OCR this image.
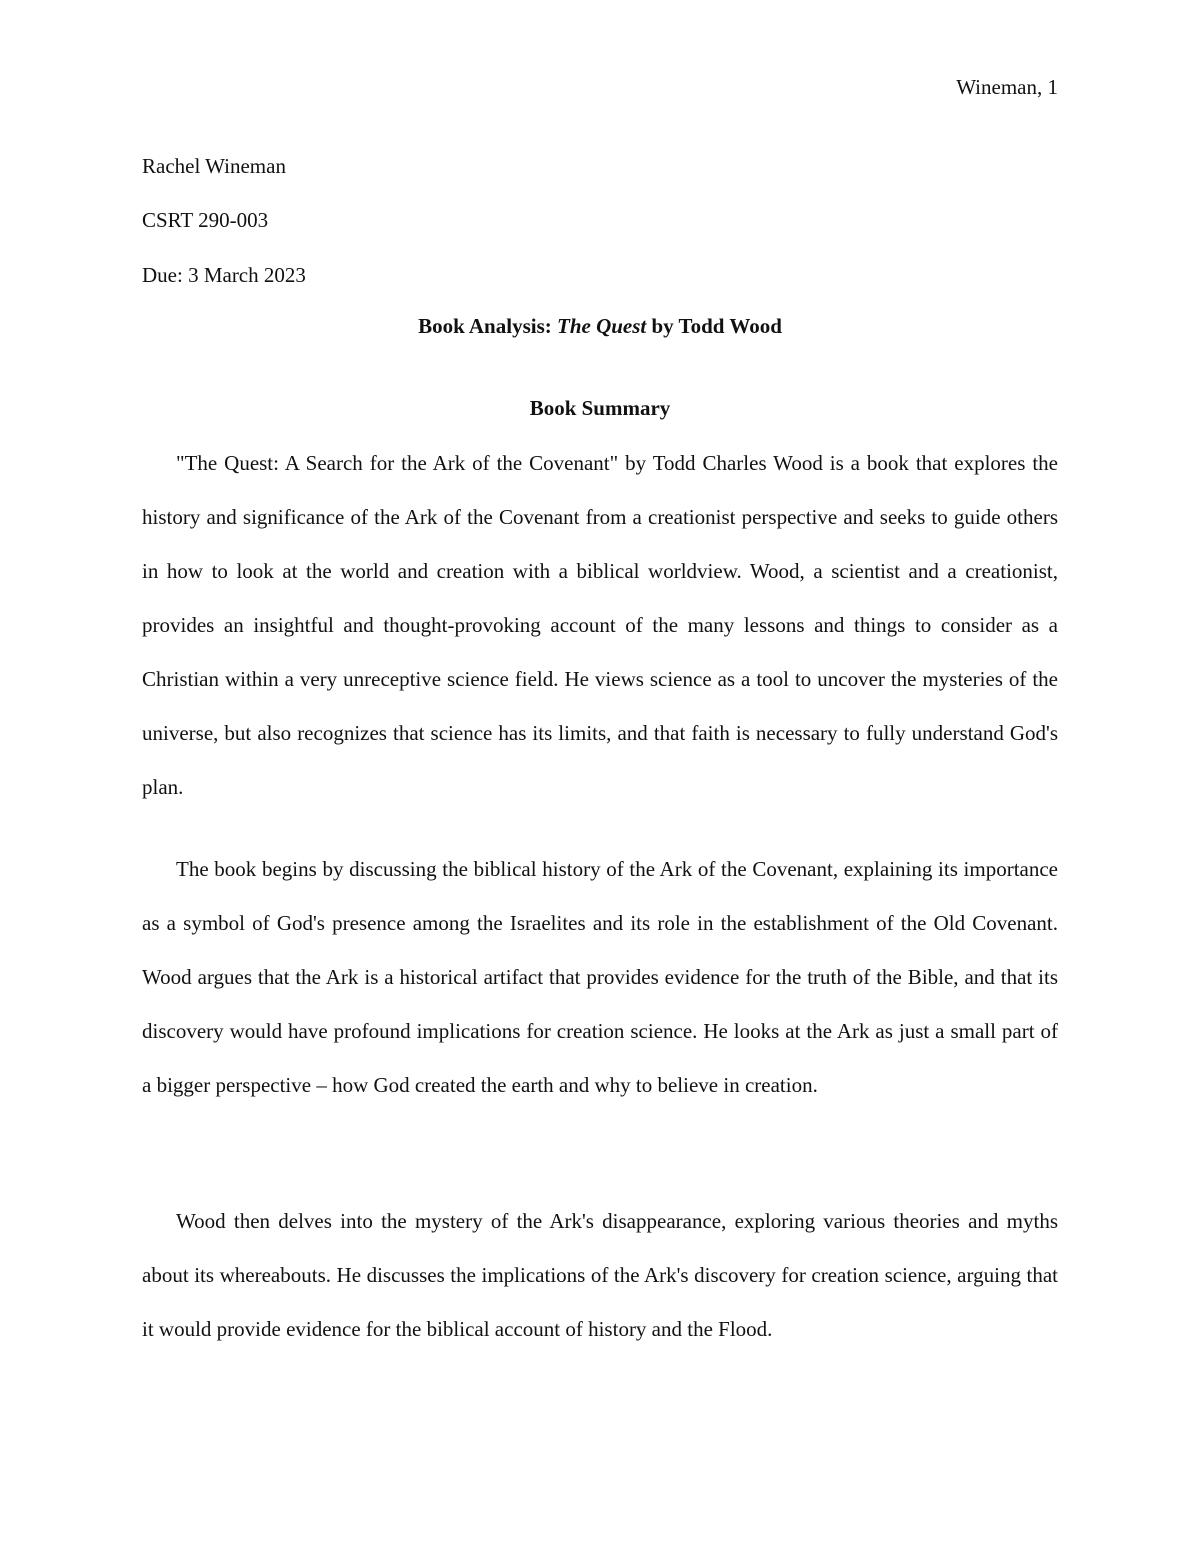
Wineman, 1
Rachel Wineman
CSRT 290-003
Due: 3 March 2023
Book Analysis: The Quest by Todd Wood
Book Summary

"The Quest: A Search for the Ark of the Covenant" by Todd Charles Wood is a book that explores the history and significance of the Ark of the Covenant from a creationist perspective and seeks to guide others in how to look at the world and creation with a biblical worldview. Wood, a scientist and a creationist, provides an insightful and thought-provoking account of the many lessons and things to consider as a Christian within a very unreceptive science field. He views science as a tool to uncover the mysteries of the universe, but also recognizes that science has its limits, and that faith is necessary to fully understand God's plan.

The book begins by discussing the biblical history of the Ark of the Covenant, explaining its importance as a symbol of God's presence among the Israelites and its role in the establishment of the Old Covenant. Wood argues that the Ark is a historical artifact that provides evidence for the truth of the Bible, and that its discovery would have profound implications for creation science. He looks at the Ark as just a small part of a bigger perspective – how God created the earth and why to believe in creation.

Wood then delves into the mystery of the Ark's disappearance, exploring various theories and myths about its whereabouts. He discusses the implications of the Ark's discovery for creation science, arguing that it would provide evidence for the biblical account of history and the Flood.
